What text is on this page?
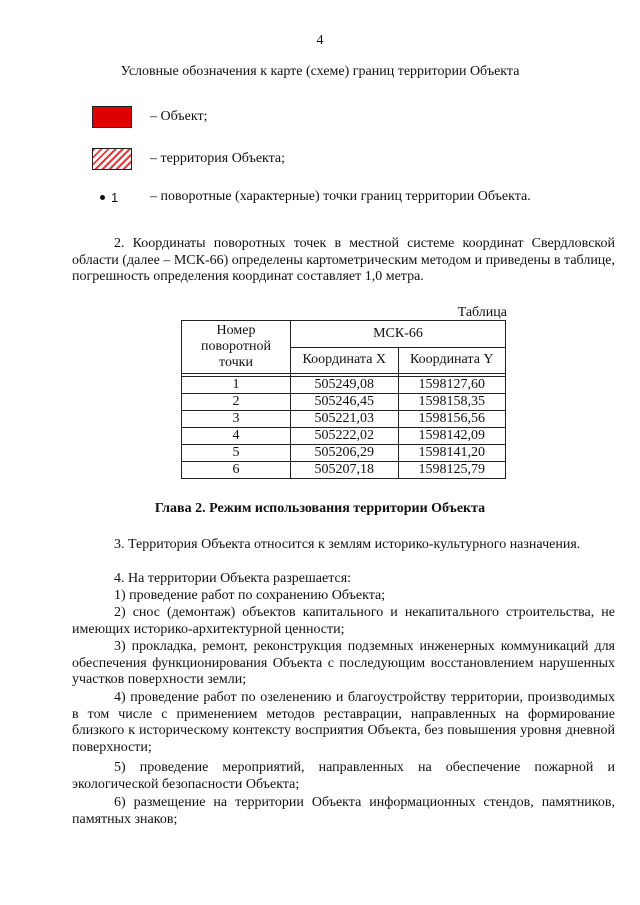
4
Условные обозначения к карте (схеме) границ территории Объекта
– Объект;
– территория Объекта;
1 – поворотные (характерные) точки границ территории Объекта.
2. Координаты поворотных точек в местной системе координат Свердловской области (далее – МСК-66) определены картометрическим методом и приведены в таблице, погрешность определения координат составляет 1,0 метра.
Таблица
Номер поворотной точки	МСК-66	
	Координата X	Координата Y

1	505249,08	1598127,60
2	505246,45	1598158,35
3	505221,03	1598156,56
4	505222,02	1598142,09
5	505206,29	1598141,20
6	505207,18	1598125,79
Глава 2. Режим использования территории Объекта
3. Территория Объекта относится к землям историко-культурного назначения.
4. На территории Объекта разрешается:
1) проведение работ по сохранению Объекта;
2) снос (демонтаж) объектов капитального и некапитального строительства, не имеющих историко-архитектурной ценности;
3) прокладка, ремонт, реконструкция подземных инженерных коммуникаций для обеспечения функционирования Объекта с последующим восстановлением нарушенных участков поверхности земли;
4) проведение работ по озеленению и благоустройству территории, производимых в том числе с применением методов реставрации, направленных на формирование близкого к историческому контексту восприятия Объекта, без повышения уровня дневной поверхности;
5) проведение мероприятий, направленных на обеспечение пожарной и экологической безопасности Объекта;
6) размещение на территории Объекта информационных стендов, памятников, памятных знаков;
